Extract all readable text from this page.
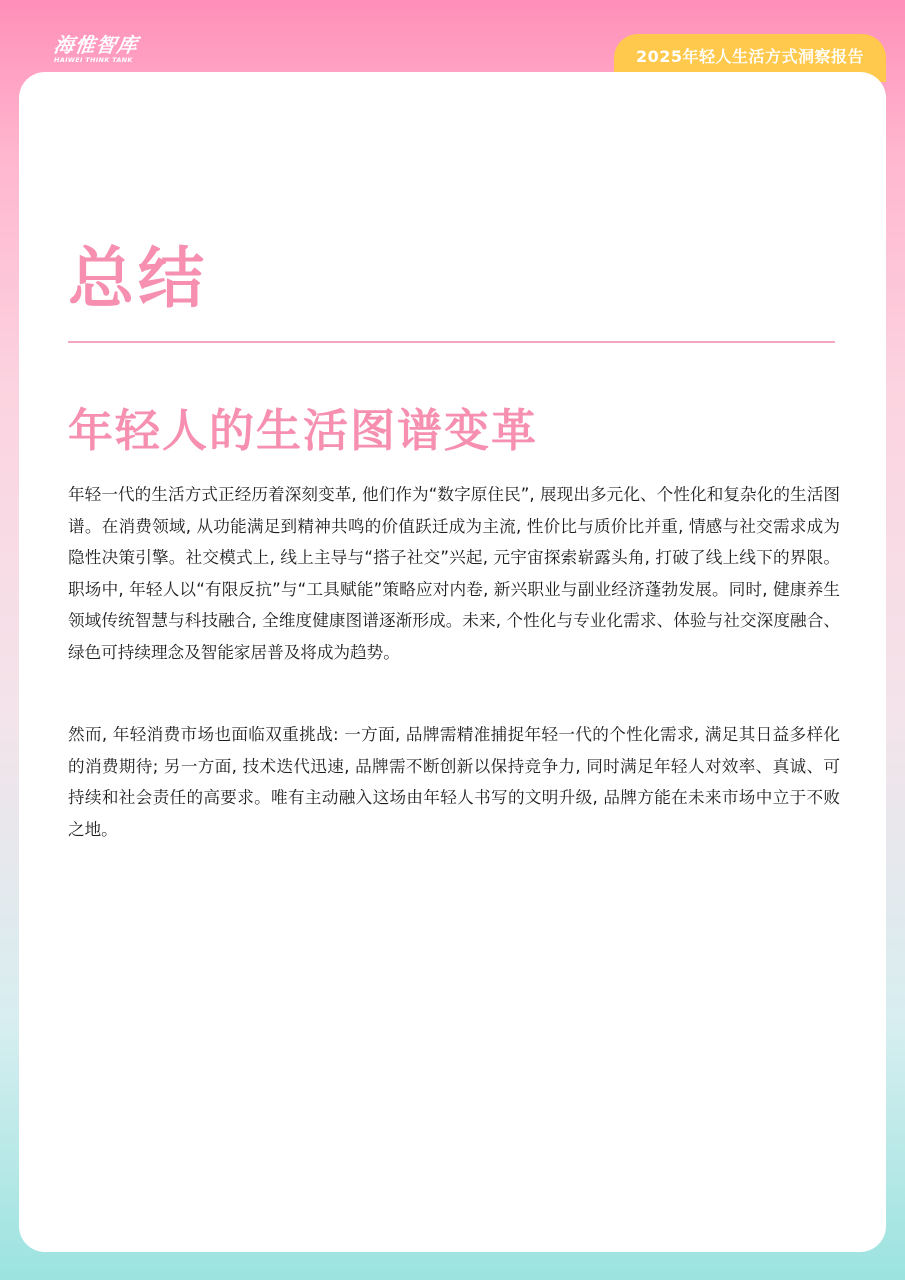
海惟智库
HAIWEI THINK TANK	2025年轻人生活方式洞察报告
总结
年轻人的生活图谱变革

年轻一代的生活方式正经历着深刻变革, 他们作为“数字原住民”, 展现出多元化、个性化和复杂化的生活图谱。在消费领域, 从功能满足到精神共鸣的价值跃迁成为主流, 性价比与质价比并重, 情感与社交需求成为隐性决策引擎。社交模式上, 线上主导与“搭子社交”兴起, 元宇宙探索崭露头角, 打破了线上线下的界限。职场中, 年轻人以“有限反抗”与“工具赋能”策略应对内卷, 新兴职业与副业经济蓬勃发展。同时, 健康养生领域传统智慧与科技融合, 全维度健康图谱逐渐形成。未来, 个性化与专业化需求、体验与社交深度融合、绿色可持续理念及智能家居普及将成为趋势。

然而, 年轻消费市场也面临双重挑战: 一方面, 品牌需精准捕捉年轻一代的个性化需求, 满足其日益多样化的消费期待; 另一方面, 技术迭代迅速, 品牌需不断创新以保持竞争力, 同时满足年轻人对效率、真诚、可持续和社会责任的高要求。唯有主动融入这场由年轻人书写的文明升级, 品牌方能在未来市场中立于不败之地。
